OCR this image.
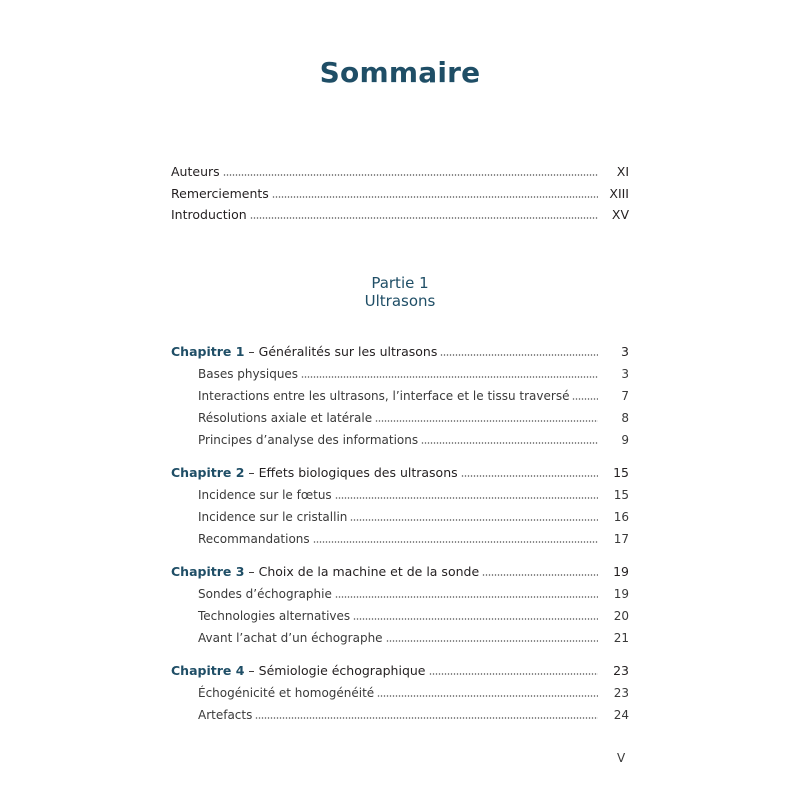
Sommaire
Auteurs	XI
Remerciements	XIII
Introduction	XV
Partie 1
Ultrasons
Chapitre 1 – Généralités sur les ultrasons	3
Bases physiques	3
Interactions entre les ultrasons, l’interface et le tissu traversé	7
Résolutions axiale et latérale	8
Principes d’analyse des informations	9
Chapitre 2 – Effets biologiques des ultrasons	15
Incidence sur le fœtus	15
Incidence sur le cristallin	16
Recommandations	17
Chapitre 3 – Choix de la machine et de la sonde	19
Sondes d’échographie	19
Technologies alternatives	20
Avant l’achat d’un échographe	21
Chapitre 4 – Sémiologie échographique	23
Échogénicité et homogénéité	23
Artefacts	24
V
